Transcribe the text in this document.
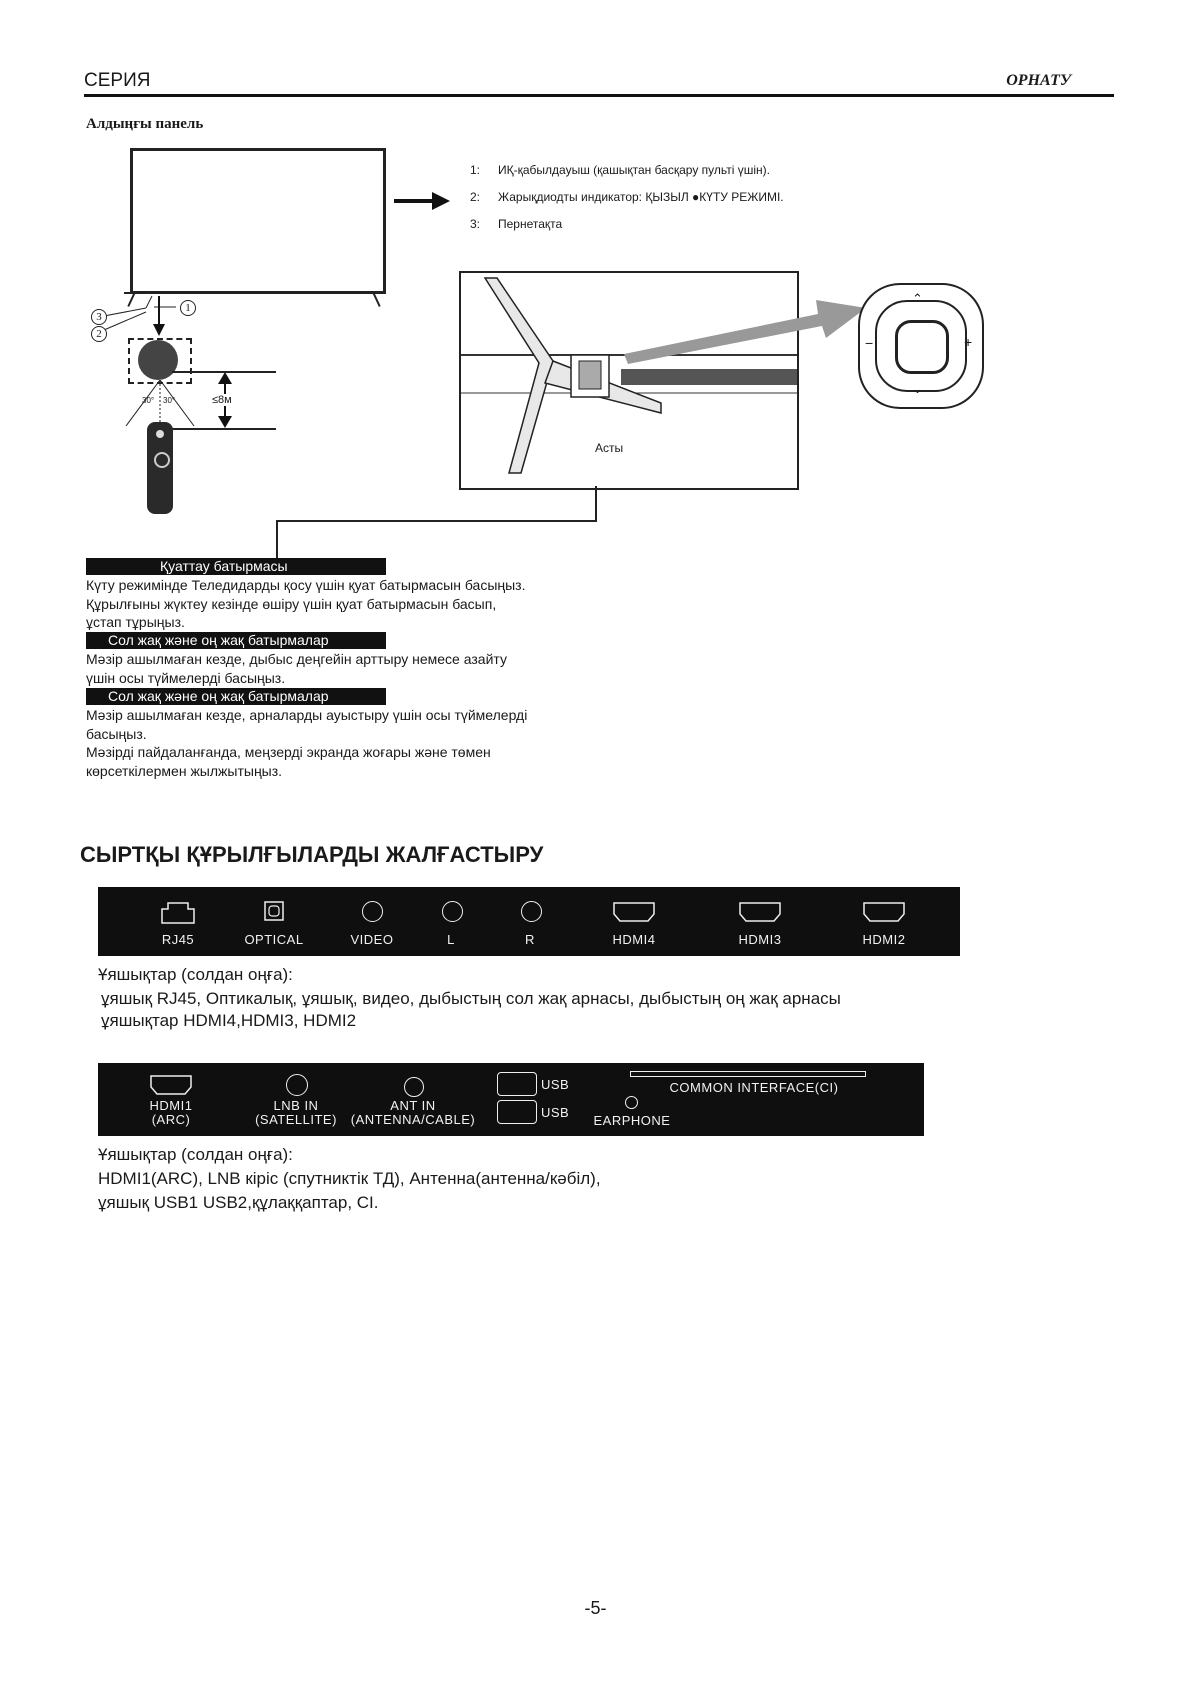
СЕРИЯ	ОРНАТУ
Алдыңғы панель
1: ИҚ-қабылдауыш (қашықтан басқару пульті үшін).
2: Жарықдиодты индикатор: ҚЫЗЫЛ ●КҮТУ РЕЖИМІ.
3: Пернетақта
1
2
3
30° 30°	≤8м
Асты
⌃
⌄
−	+
Қуаттау батырмасы
Күту режимінде Теледидарды қосу үшін қуат батырмасын басыңыз.
Құрылғыны жүктеу кезінде өшіру үшін қуат батырмасын басып,
ұстап тұрыңыз.
Сол жақ және оң жақ батырмалар
Мәзір ашылмаған кезде, дыбыс деңгейін арттыру немесе азайту
үшін осы түймелерді басыңыз.
Сол жақ және оң жақ батырмалар
Мәзір ашылмаған кезде, арналарды ауыстыру үшін осы түймелерді
басыңыз.
Мәзірді пайдаланғанда, меңзерді экранда жоғары және төмен
көрсеткілермен жылжытыңыз.
СЫРТҚЫ ҚҰРЫЛҒЫЛАРДЫ ЖАЛҒАСТЫРУ
RJ45	OPTICAL	VIDEO	L	R	HDMI4	HDMI3	HDMI2
Ұяшықтар (солдан оңға):
ұяшық RJ45, Оптикалық, ұяшық, видео, дыбыстың сол жақ арнасы, дыбыстың оң жақ арнасы
ұяшықтар HDMI4,HDMI3, HDMI2
HDMI1
(ARC)
LNB IN
(SATELLITE)
ANT IN
(ANTENNA/CABLE)
USB
USB
EARPHONE
COMMON INTERFACE(CI)
Ұяшықтар (солдан оңға):
HDMI1(ARC), LNB кіріс (спутниктік ТД), Антенна(антенна/кәбіл),
ұяшық USB1 USB2,құлаққаптар, CI.
-5-
